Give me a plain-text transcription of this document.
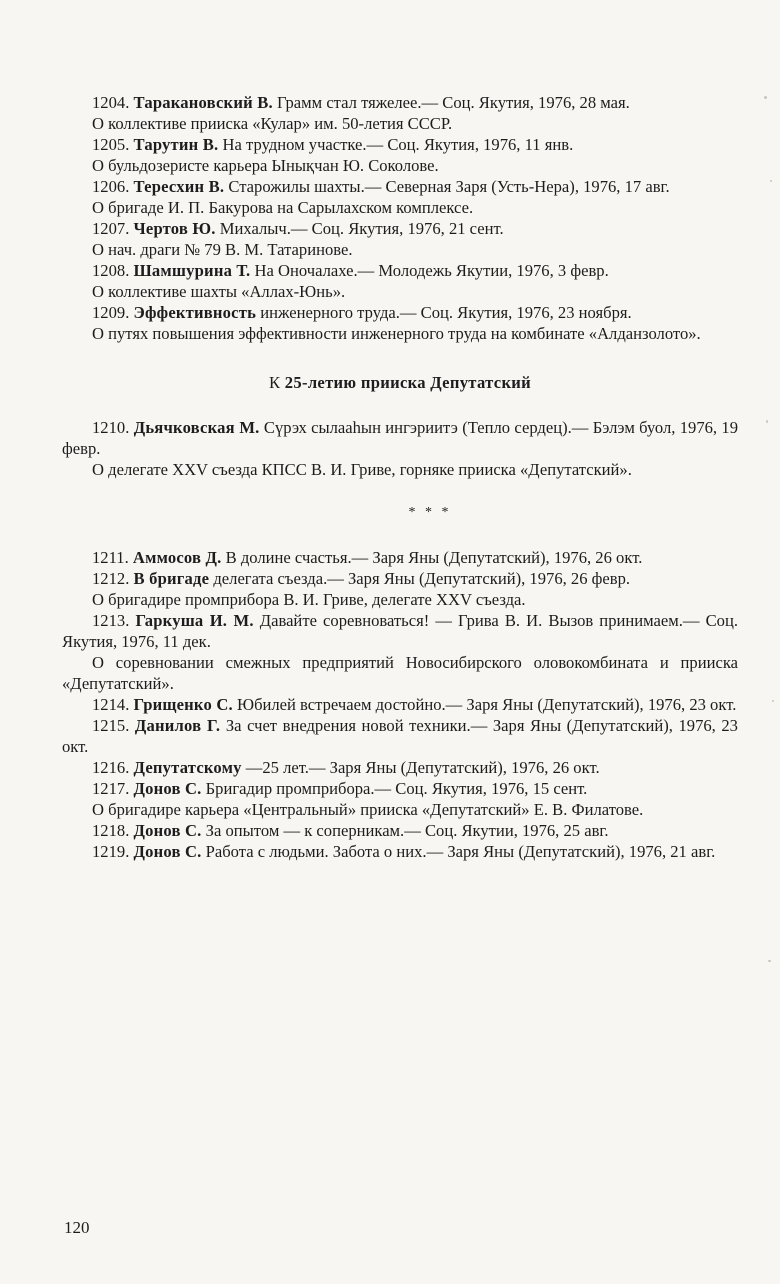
1204. Таракановский В. Грамм стал тяжелее.— Соц. Якутия, 1976, 28 мая.

О коллективе прииска «Кулар» им. 50-летия СССР.

1205. Тарутин В. На трудном участке.— Соц. Якутия, 1976, 11 янв.

О бульдозеристе карьера Ынықчан Ю. Соколове.

1206. Тересхин В. Старожилы шахты.— Северная Заря (Усть-Нера), 1976, 17 авг.

О бригаде И. П. Бакурова на Сарылахском комплексе.

1207. Чертов Ю. Михалыч.— Соц. Якутия, 1976, 21 сент.

О нач. драги № 79 В. М. Татаринове.

1208. Шамшурина Т. На Оночалахе.— Молодежь Якутии, 1976, 3 февр.

О коллективе шахты «Аллах-Юнь».

1209. Эффективность инженерного труда.— Соц. Якутия, 1976, 23 ноября.

О путях повышения эффективности инженерного труда на комбинате «Алданзолото».

К 25-летию прииска Депутатский

1210. Дьячковская М. Сүрэх сылааhын ингэриитэ (Тепло сердец).— Бэлэм буол, 1976, 19 февр.

О делегате XXV съезда КПСС В. И. Гриве, горняке прииска «Депутатский».

* * *

1211. Аммосов Д. В долине счастья.— Заря Яны (Депутатский), 1976, 26 окт.

1212. В бригаде делегата съезда.— Заря Яны (Депутатский), 1976, 26 февр.

О бригадире промприбора В. И. Гриве, делегате XXV съезда.

1213. Гаркуша И. М. Давайте соревноваться! — Грива В. И. Вызов принимаем.— Соц. Якутия, 1976, 11 дек.

О соревновании смежных предприятий Новосибирского оловокомбината и прииска «Депутатский».

1214. Грищенко С. Юбилей встречаем достойно.— Заря Яны (Депутатский), 1976, 23 окт.

1215. Данилов Г. За счет внедрения новой техники.— Заря Яны (Депутатский), 1976, 23 окт.

1216. Депутатскому —25 лет.— Заря Яны (Депутатский), 1976, 26 окт.

1217. Донов С. Бригадир промприбора.— Соц. Якутия, 1976, 15 сент.

О бригадире карьера «Центральный» прииска «Депутатский» Е. В. Филатове.

1218. Донов С. За опытом — к соперникам.— Соц. Якутии, 1976, 25 авг.

1219. Донов С. Работа с людьми. Забота о них.— Заря Яны (Депутатский), 1976, 21 авг.

120
